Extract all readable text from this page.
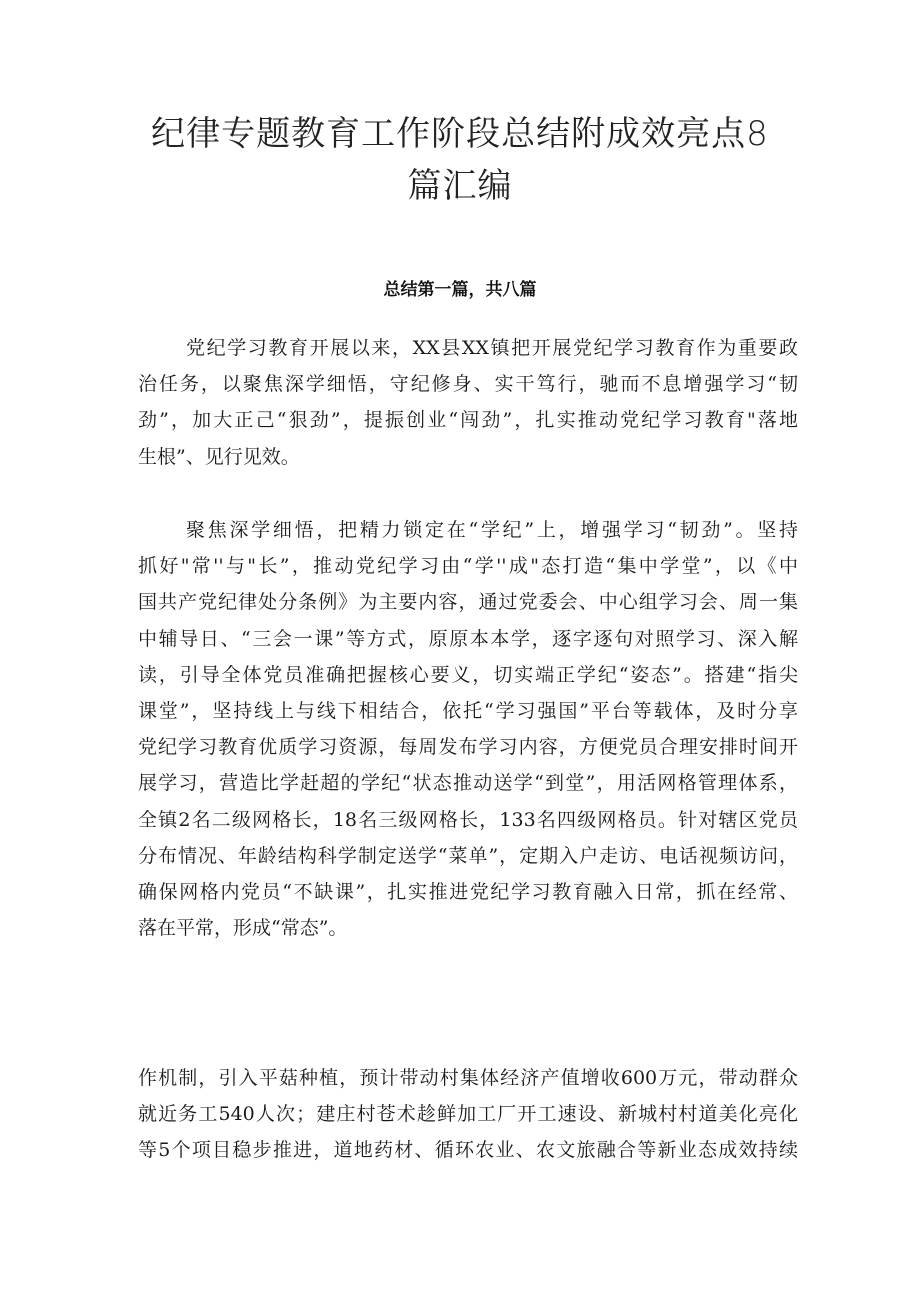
纪律专题教育工作阶段总结附成效亮点8
篇汇编
总结第一篇，共八篇
党纪学习教育开展以来，XX县XX镇把开展党纪学习教育作为重要政
治任务，以聚焦深学细悟，守纪修身、实干笃行，驰而不息增强学习“韧
劲”，加大正己“狠劲”，提振创业“闯劲”，扎实推动党纪学习教育"落地
生根”、见行见效。
聚焦深学细悟，把精力锁定在“学纪”上，增强学习“韧劲”。坚持
抓好"常''与"长”，推动党纪学习由“学''成"态打造“集中学堂”，以《中
国共产党纪律处分条例》为主要内容，通过党委会、中心组学习会、周一集
中辅导日、“三会一课”等方式，原原本本学，逐字逐句对照学习、深入解
读，引导全体党员准确把握核心要义，切实端正学纪“姿态”。搭建“指尖
课堂”，坚持线上与线下相结合，依托“学习强国”平台等载体，及时分享
党纪学习教育优质学习资源，每周发布学习内容，方便党员合理安排时间开
展学习，营造比学赶超的学纪“状态推动送学“到堂”，用活网格管理体系，
全镇2名二级网格长，18名三级网格长，133名四级网格员。针对辖区党员
分布情况、年龄结构科学制定送学“菜单”，定期入户走访、电话视频访问，
确保网格内党员“不缺课”，扎实推进党纪学习教育融入日常，抓在经常、
落在平常，形成“常态”。
作机制，引入平菇种植，预计带动村集体经济产值增收600万元，带动群众
就近务工540人次；建庄村苍术趁鲜加工厂开工速设、新城村村道美化亮化
等5个项目稳步推进，道地药材、循环农业、农文旅融合等新业态成效持续
